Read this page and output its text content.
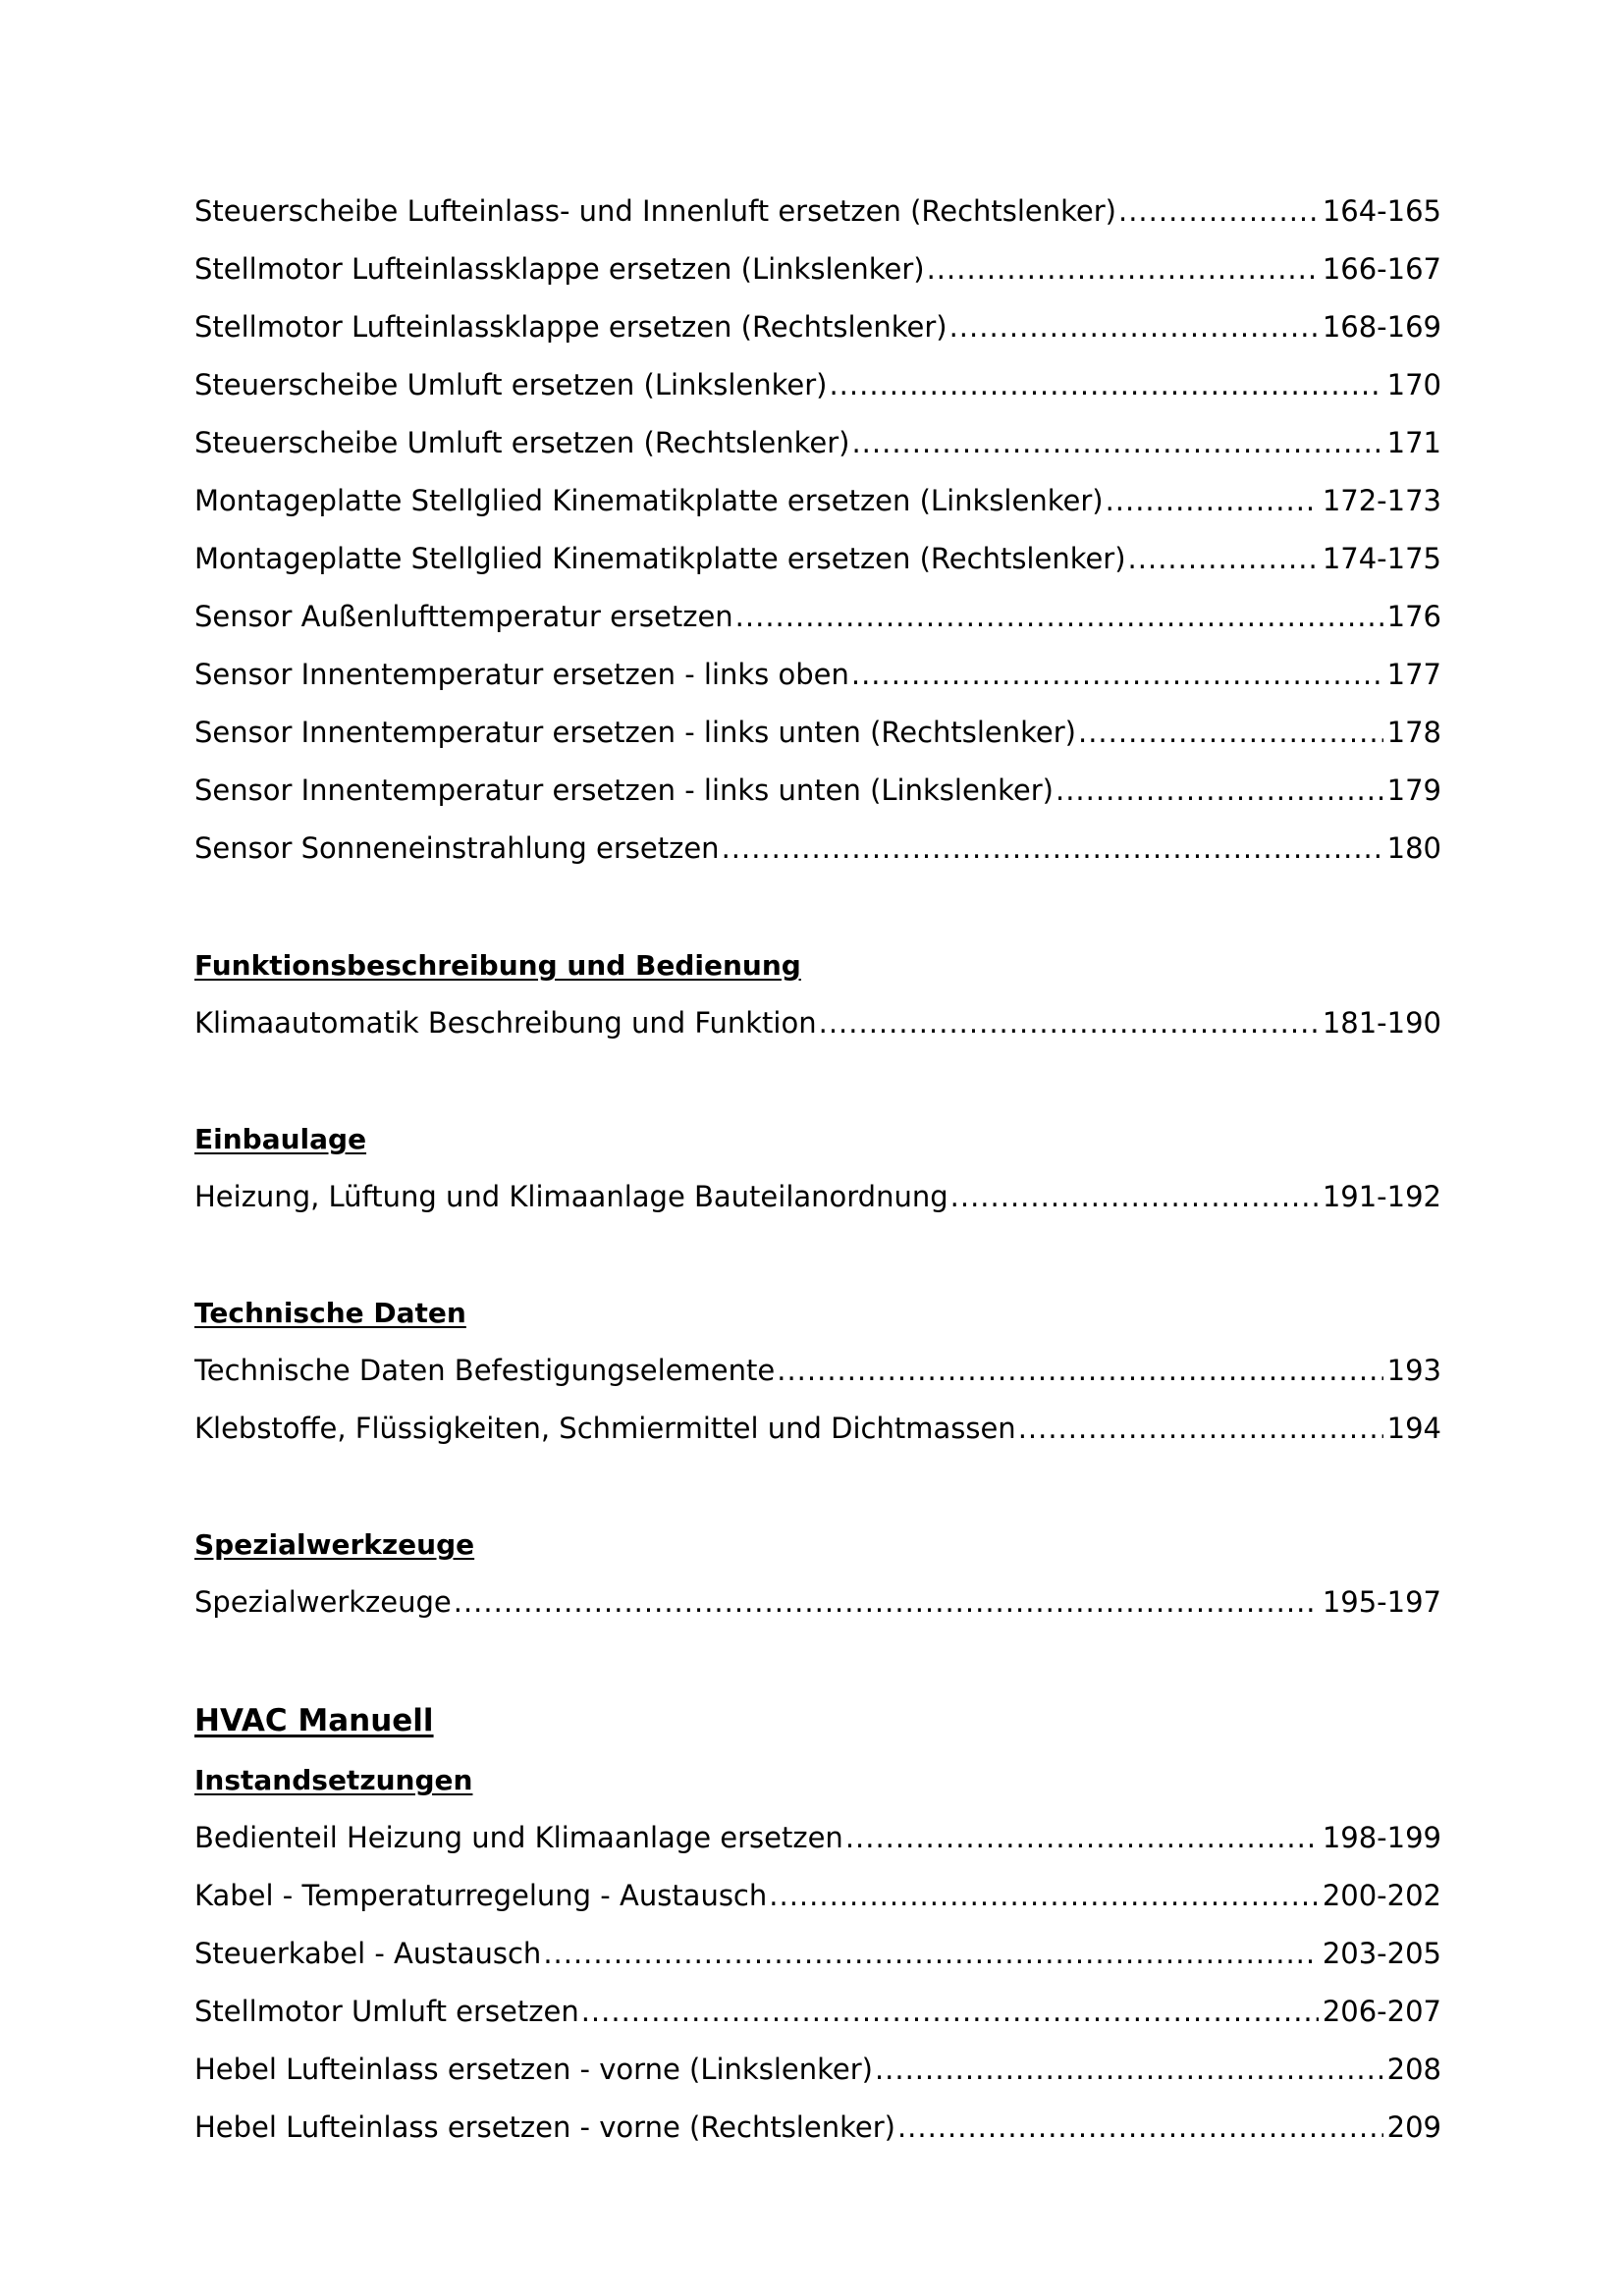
Steuerscheibe Lufteinlass- und Innenluft ersetzen (Rechtslenker) .....	164-165
Stellmotor Lufteinlassklappe ersetzen (Linkslenker) .....	166-167
Stellmotor Lufteinlassklappe ersetzen (Rechtslenker) .....	168-169
Steuerscheibe Umluft ersetzen (Linkslenker) .....	170
Steuerscheibe Umluft ersetzen (Rechtslenker) .....	171
Montageplatte Stellglied Kinematikplatte ersetzen (Linkslenker) .....	172-173
Montageplatte Stellglied Kinematikplatte ersetzen (Rechtslenker) .....	174-175
Sensor Außenlufttemperatur ersetzen .....	176
Sensor Innentemperatur ersetzen - links oben .....	177
Sensor Innentemperatur ersetzen - links unten (Rechtslenker) .....	178
Sensor Innentemperatur ersetzen - links unten (Linkslenker) .....	179
Sensor Sonneneinstrahlung ersetzen .....	180
Funktionsbeschreibung und Bedienung
Klimaautomatik Beschreibung und Funktion .....	181-190
Einbaulage
Heizung, Lüftung und Klimaanlage Bauteilanordnung .....	191-192
Technische Daten
Technische Daten Befestigungselemente .....	193
Klebstoffe, Flüssigkeiten, Schmiermittel und Dichtmassen .....	194
Spezialwerkzeuge
Spezialwerkzeuge .....	195-197
HVAC Manuell
Instandsetzungen
Bedienteil Heizung und Klimaanlage ersetzen .....	198-199
Kabel - Temperaturregelung - Austausch .....	200-202
Steuerkabel - Austausch .....	203-205
Stellmotor Umluft ersetzen .....	206-207
Hebel Lufteinlass ersetzen - vorne (Linkslenker) .....	208
Hebel Lufteinlass ersetzen - vorne (Rechtslenker) .....	209
